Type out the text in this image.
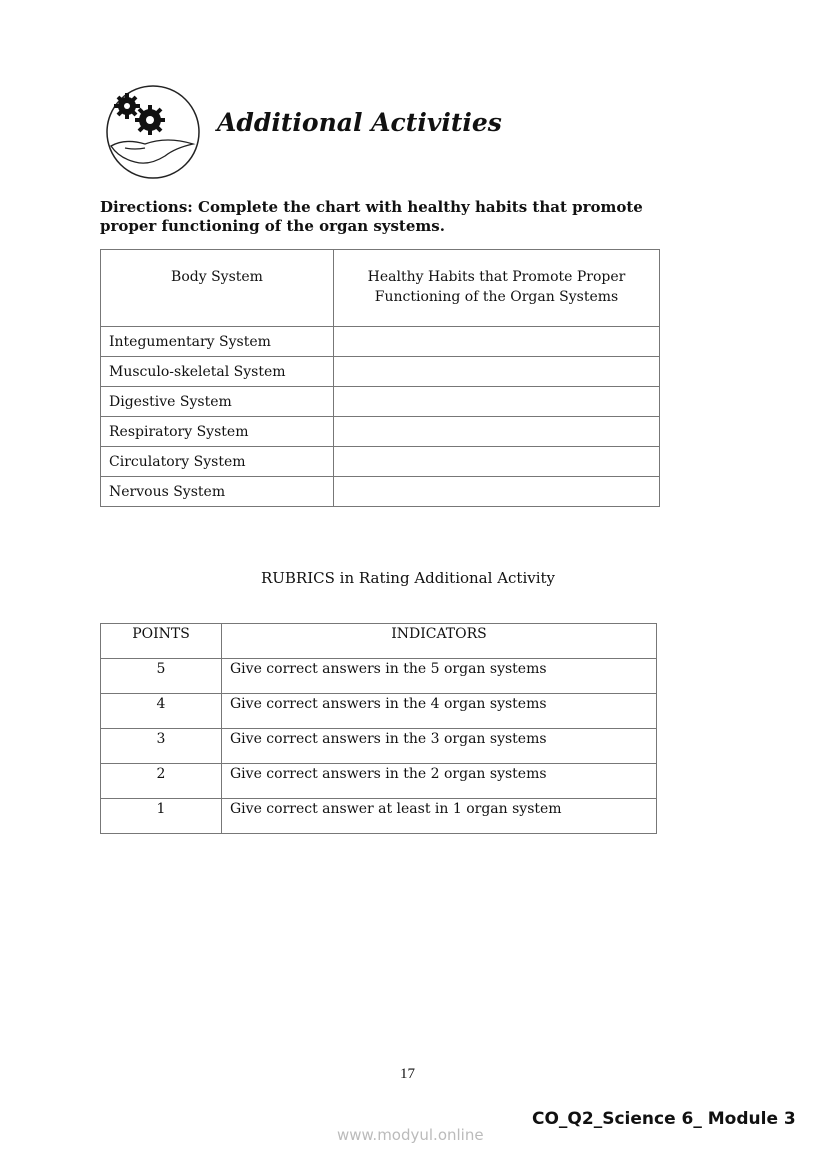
Additional Activities
Directions: Complete the chart with healthy habits that promote proper functioning of the organ systems.
Body System	Healthy Habits that Promote Proper Functioning of the Organ Systems
Integumentary System	
Musculo-skeletal System	
Digestive System	
Respiratory System	
Circulatory System	
Nervous System	
RUBRICS in Rating Additional Activity
POINTS	INDICATORS
5	Give correct answers in the 5 organ systems
4	Give correct answers in the 4 organ systems
3	Give correct answers in the 3 organ systems
2	Give correct answers in the 2 organ systems
1	Give correct answer at least in 1 organ system
17
CO_Q2_Science 6_ Module 3
www.modyul.online
